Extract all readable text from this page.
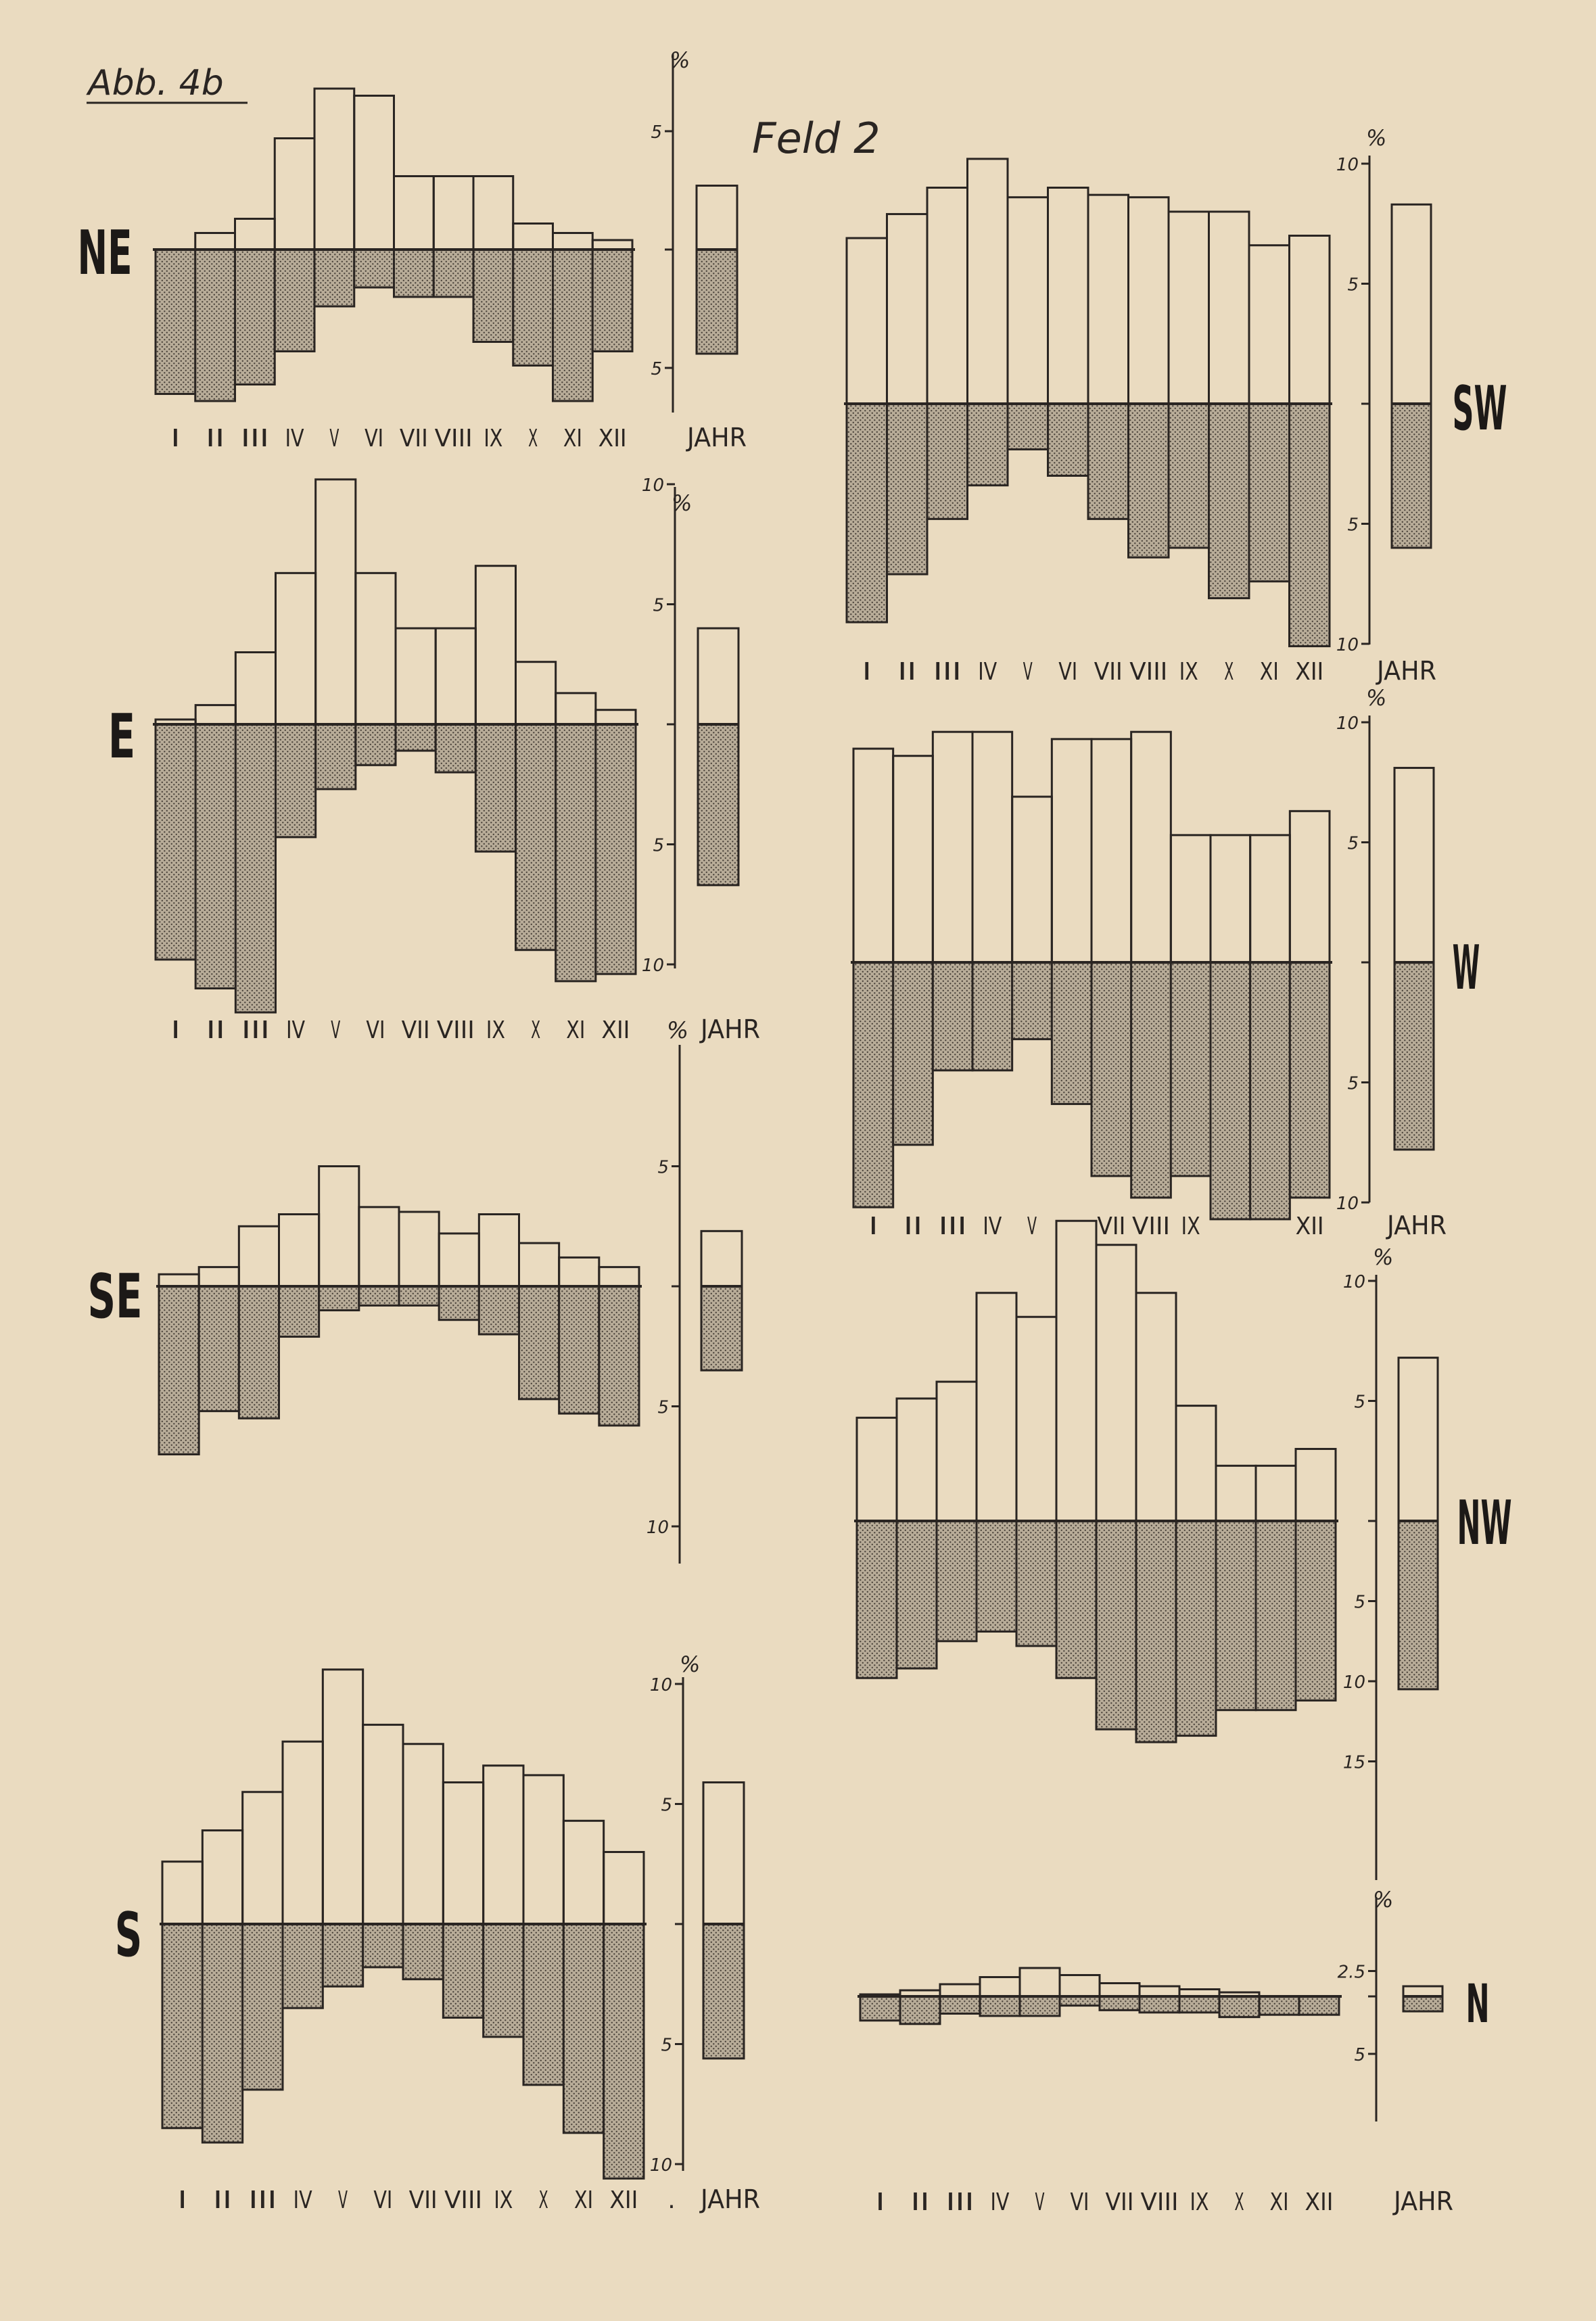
Abb. 4b
Feld 2
5
5
%
I II III IV V VI VII VIII IX X XI XII JAHR
NE
10
5
5
10
%
I II III IV V VI VII VIII IX X XI XII	JAHR
%
E
5
5
10
SE
10
5
5
10
%
I II III IV V VI VII VIII IX X XI XII JAHR
.
S
10
5
5
10
%
I II III IV V VI VII VIII IX X XI XII JAHR
SW
10
5
5
10
%
I II III IV V VII VIII IX	XII JAHR
W
10
5
5
10
15
%
NW
2.5
5
%
I II III IV V VI VII VIII IX X XI XII JAHR
N
